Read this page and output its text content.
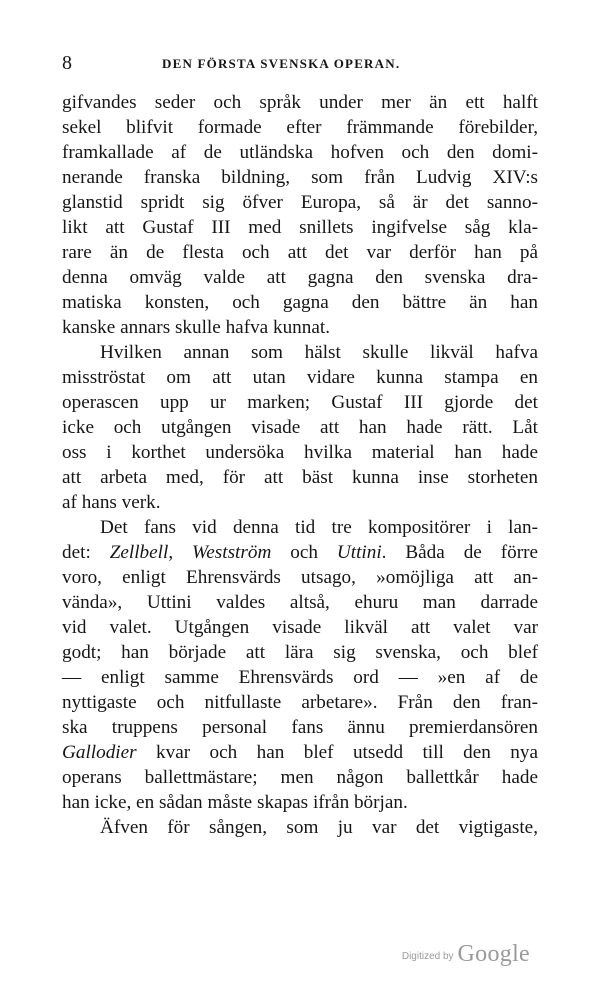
8	DEN FÖRSTA SVENSKA OPERAN.
gifvandes seder och språk under mer än ett halft
sekel blifvit formade efter främmande förebilder,
framkallade af de utländska hofven och den domi-
nerande franska bildning, som från Ludvig XIV:s
glanstid spridt sig öfver Europa, så är det sanno-
likt att Gustaf III med snillets ingifvelse såg kla-
rare än de flesta och att det var derför han på
denna omväg valde att gagna den svenska dra-
matiska konsten, och gagna den bättre än han
kanske annars skulle hafva kunnat.
Hvilken annan som hälst skulle likväl hafva
misströstat om att utan vidare kunna stampa en
operascen upp ur marken; Gustaf III gjorde det
icke och utgången visade att han hade rätt. Låt
oss i korthet undersöka hvilka material han hade
att arbeta med, för att bäst kunna inse storheten
af hans verk.
Det fans vid denna tid tre kompositörer i lan-
det: Zellbell, Westström och Uttini. Båda de förre
voro, enligt Ehrensvärds utsago, »omöjliga att an-
vända», Uttini valdes altså, ehuru man darrade
vid valet. Utgången visade likväl att valet var
godt; han började att lära sig svenska, och blef
— enligt samme Ehrensvärds ord — »en af de
nyttigaste och nitfullaste arbetare». Från den fran-
ska truppens personal fans ännu premierdansören
Gallodier kvar och han blef utsedd till den nya
operans ballettmästare; men någon ballettkår hade
han icke, en sådan måste skapas ifrån början.
Äfven för sången, som ju var det vigtigaste,
Digitized by Google
